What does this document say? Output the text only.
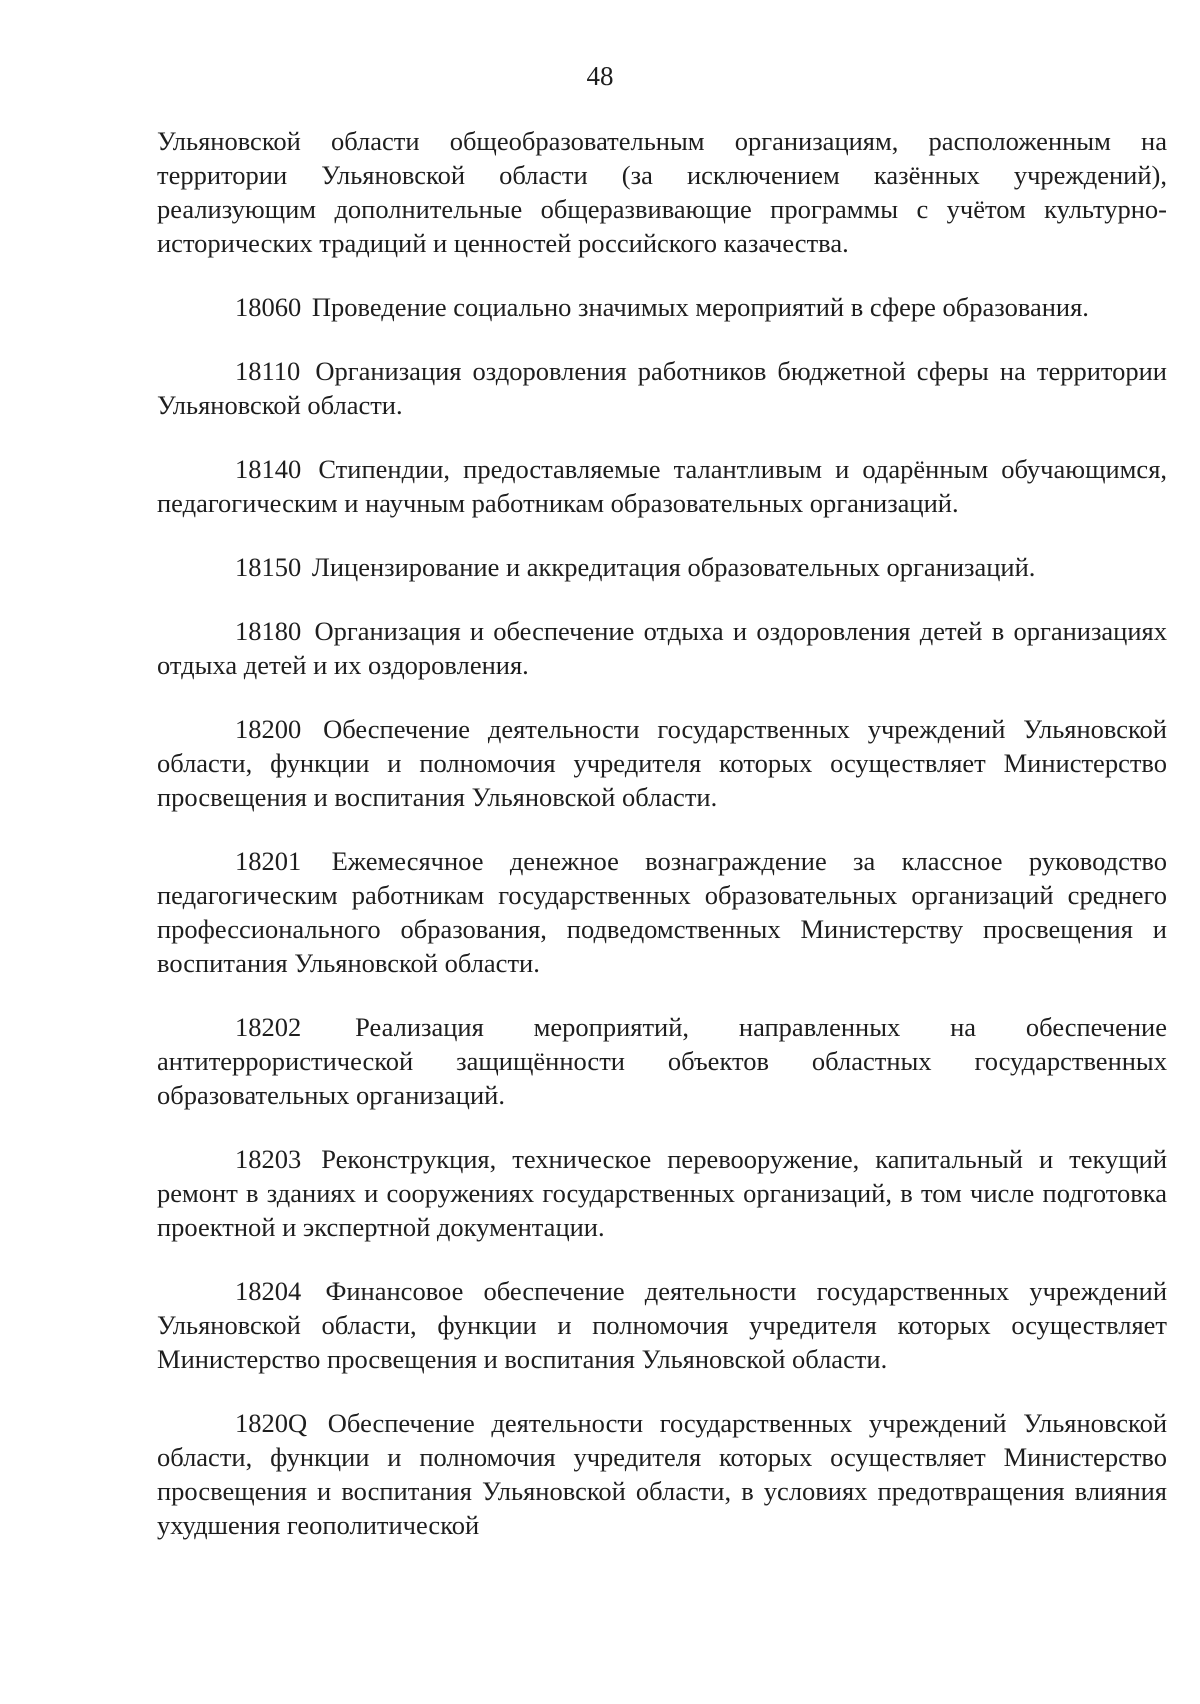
48

Ульяновской области общеобразовательным организациям, расположенным на территории Ульяновской области (за исключением казённых учреждений), реализующим дополнительные общеразвивающие программы с учётом культурно-исторических традиций и ценностей российского казачества.

18060 Проведение социально значимых мероприятий в сфере образования.

18110 Организация оздоровления работников бюджетной сферы на территории Ульяновской области.

18140 Стипендии, предоставляемые талантливым и одарённым обучающимся, педагогическим и научным работникам образовательных организаций.

18150 Лицензирование и аккредитация образовательных организаций.

18180 Организация и обеспечение отдыха и оздоровления детей в организациях отдыха детей и их оздоровления.

18200 Обеспечение деятельности государственных учреждений Ульяновской области, функции и полномочия учредителя которых осуществляет Министерство просвещения и воспитания Ульяновской области.

18201 Ежемесячное денежное вознаграждение за классное руководство педагогическим работникам государственных образовательных организаций среднего профессионального образования, подведомственных Министерству просвещения и воспитания Ульяновской области.

18202 Реализация мероприятий, направленных на обеспечение антитеррористической защищённости объектов областных государственных образовательных организаций.

18203 Реконструкция, техническое перевооружение, капитальный и текущий ремонт в зданиях и сооружениях государственных организаций, в том числе подготовка проектной и экспертной документации.

18204 Финансовое обеспечение деятельности государственных учреждений Ульяновской области, функции и полномочия учредителя которых осуществляет Министерство просвещения и воспитания Ульяновской области.

1820Q Обеспечение деятельности государственных учреждений Ульяновской области, функции и полномочия учредителя которых осуществляет Министерство просвещения и воспитания Ульяновской области, в условиях предотвращения влияния ухудшения геополитической
